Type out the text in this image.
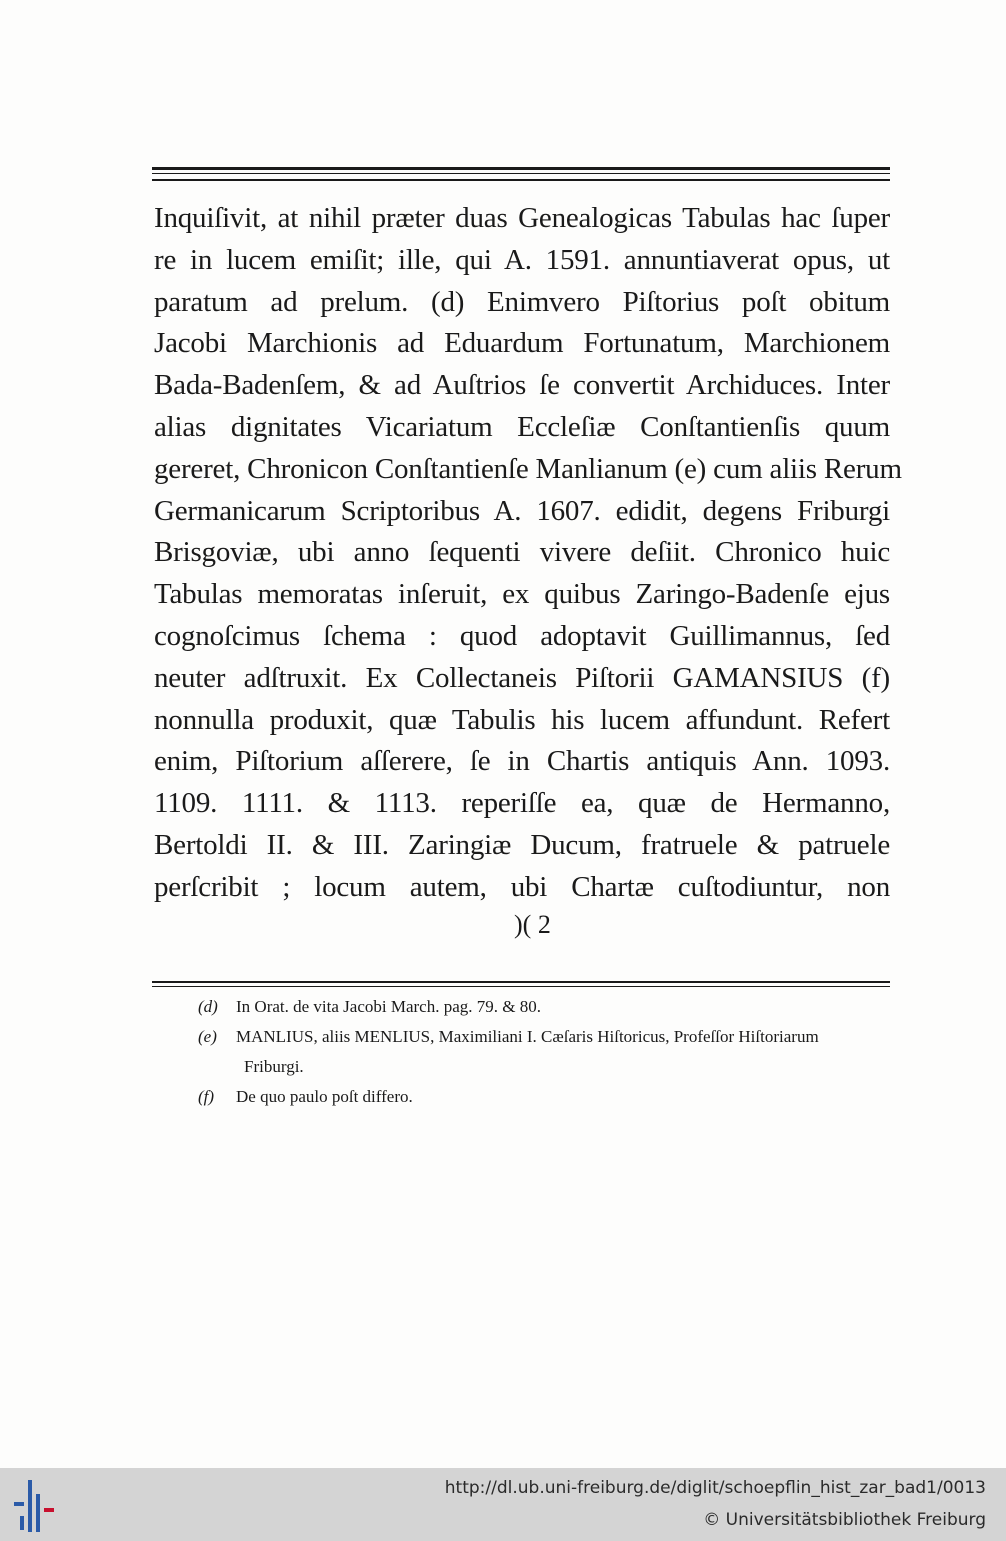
Inquiſivit, at nihil præter duas Genealogicas Tabulas hac ſuper
re in lucem emiſit; ille, qui A. 1591. annuntiaverat opus, ut
paratum ad prelum. (d) Enimvero Piſtorius poſt obitum
Jacobi Marchionis ad Eduardum Fortunatum, Marchionem
Bada-Badenſem, & ad Auſtrios ſe convertit Archiduces. Inter
alias dignitates Vicariatum Eccleſiæ Conſtantienſis quum
gereret, Chronicon Conſtantienſe Manlianum (e) cum aliis Rerum
Germanicarum Scriptoribus A. 1607. edidit, degens Friburgi
Brisgoviæ, ubi anno ſequenti vivere deſiit. Chronico huic
Tabulas memoratas inſeruit, ex quibus Zaringo-Badenſe ejus
cognoſcimus ſchema : quod adoptavit Guillimannus, ſed
neuter adſtruxit. Ex Collectaneis Piſtorii GAMANSIUS (f)
nonnulla produxit, quæ Tabulis his lucem affundunt. Refert
enim, Piſtorium aſſerere, ſe in Chartis antiquis Ann. 1093.
1109. 1111. & 1113. reperiſſe ea, quæ de Hermanno,
Bertoldi II. & III. Zaringiæ Ducum, fratruele & patruele
perſcribit ; locum autem, ubi Chartæ cuſtodiuntur, non
)( 2
(d) In Orat. de vita Jacobi March. pag. 79. & 80.
(e) MANLIUS, aliis MENLIUS, Maximiliani I. Cæſaris Hiſtoricus, Profeſſor Hiſtoriarum
Friburgi.
(f) De quo paulo poſt differo.
http://dl.ub.uni-freiburg.de/diglit/schoepflin_hist_zar_bad1/0013
© Universitätsbibliothek Freiburg
